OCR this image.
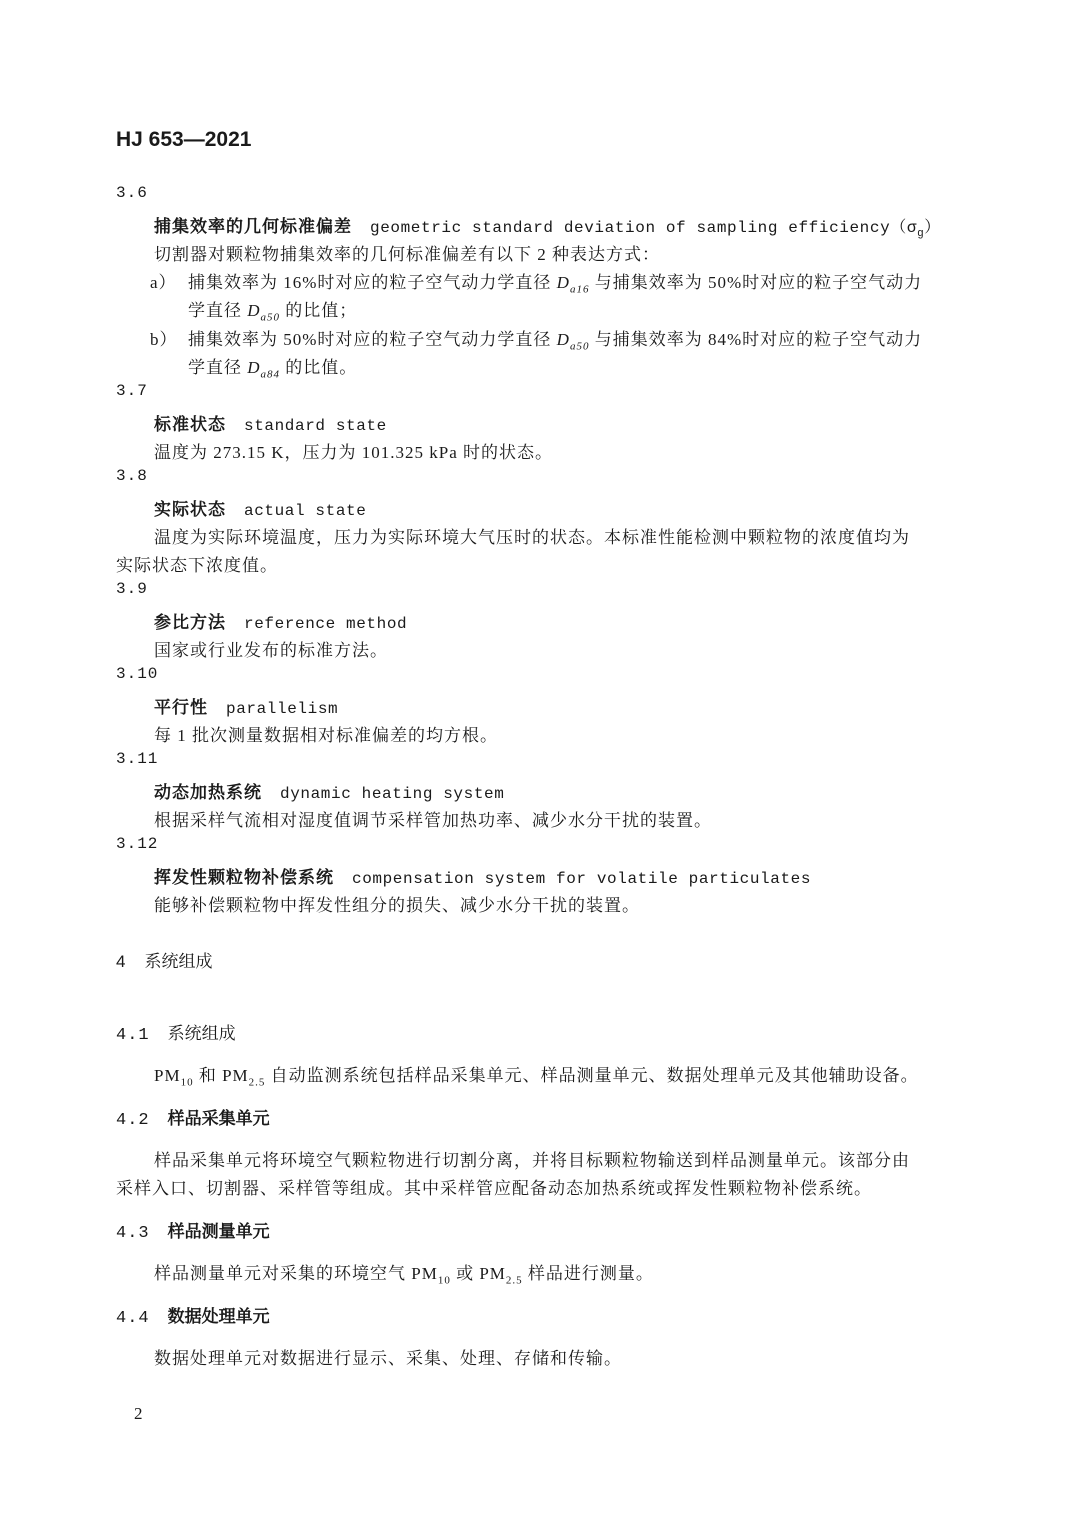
HJ 653—2021
3.6
捕集效率的几何标准偏差 geometric standard deviation of sampling $efficiency(\sigma_g)$
切割器对颗粒物捕集效率的几何标准偏差有以下 2 种表达方式：
a） 捕集效率为 16%时对应的粒子空气动力学直径 $D_{a16}$ 与捕集效率为 50%时对应的粒子空气动力
学直径 $D_{a50}$ 的比值；
b） 捕集效率为 50%时对应的粒子空气动力学直径 $D_{a50}$ 与捕集效率为 84%时对应的粒子空气动力
学直径 $D_{a84}$ 的比值。
3.7
标准状态 standard state
温度为 273.15 K，压力为 101.325 kPa 时的状态。
3.8
实际状态 actual state
温度为实际环境温度，压力为实际环境大气压时的状态。本标准性能检测中颗粒物的浓度值均为
实际状态下浓度值。
3.9
参比方法 reference method
国家或行业发布的标准方法。
3.10
平行性 parallelism
每 1 批次测量数据相对标准偏差的均方根。
3.11
动态加热系统 dynamic heating system
根据采样气流相对湿度值调节采样管加热功率、减少水分干扰的装置。
3.12
挥发性颗粒物补偿系统 compensation system for volatile particulates
能够补偿颗粒物中挥发性组分的损失、减少水分干扰的装置。
4 系统组成
4.1 系统组成
$PM_{10}$ 和 $PM_{2.5}$ 自动监测系统包括样品采集单元、样品测量单元、数据处理单元及其他辅助设备。
4.2 样品采集单元
样品采集单元将环境空气颗粒物进行切割分离，并将目标颗粒物输送到样品测量单元。该部分由
采样入口、切割器、采样管等组成。其中采样管应配备动态加热系统或挥发性颗粒物补偿系统。
4.3 样品测量单元
样品测量单元对采集的环境空气 $PM_{10}$ 或 $PM_{2.5}$ 样品进行测量。
4.4 数据处理单元
数据处理单元对数据进行显示、采集、处理、存储和传输。
2
